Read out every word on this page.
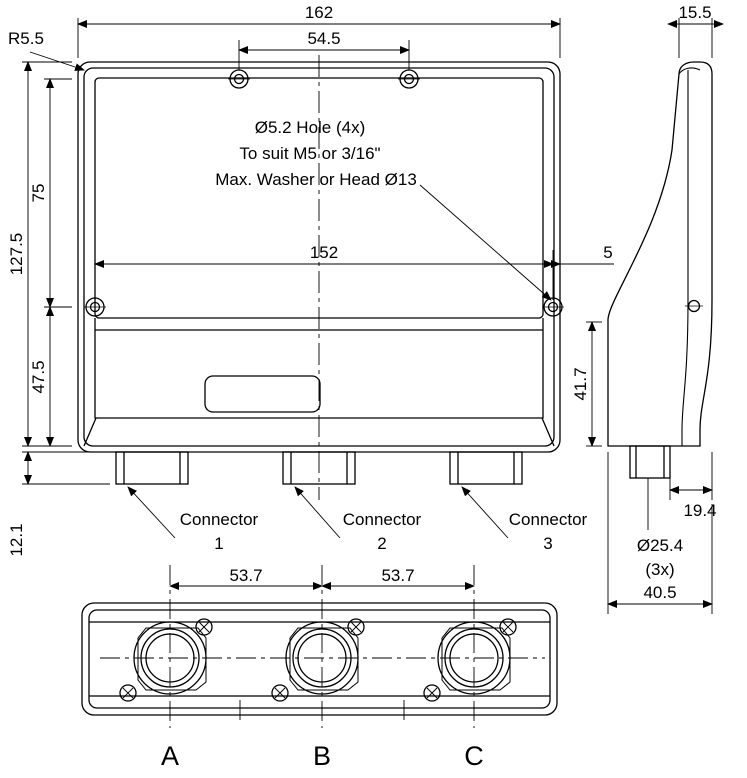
162
54.5
127.5
75
47.5
12.1
152	5
R5.5
Ø5.2 Hole (4x)
To suit M5 or 3/16"
Max. Washer or Head Ø13
Connector
1
Connector
2
Connector
3
15.5
41.7
19.4
Ø25.4
(3x)
40.5
53.7	53.7
A	B	C
